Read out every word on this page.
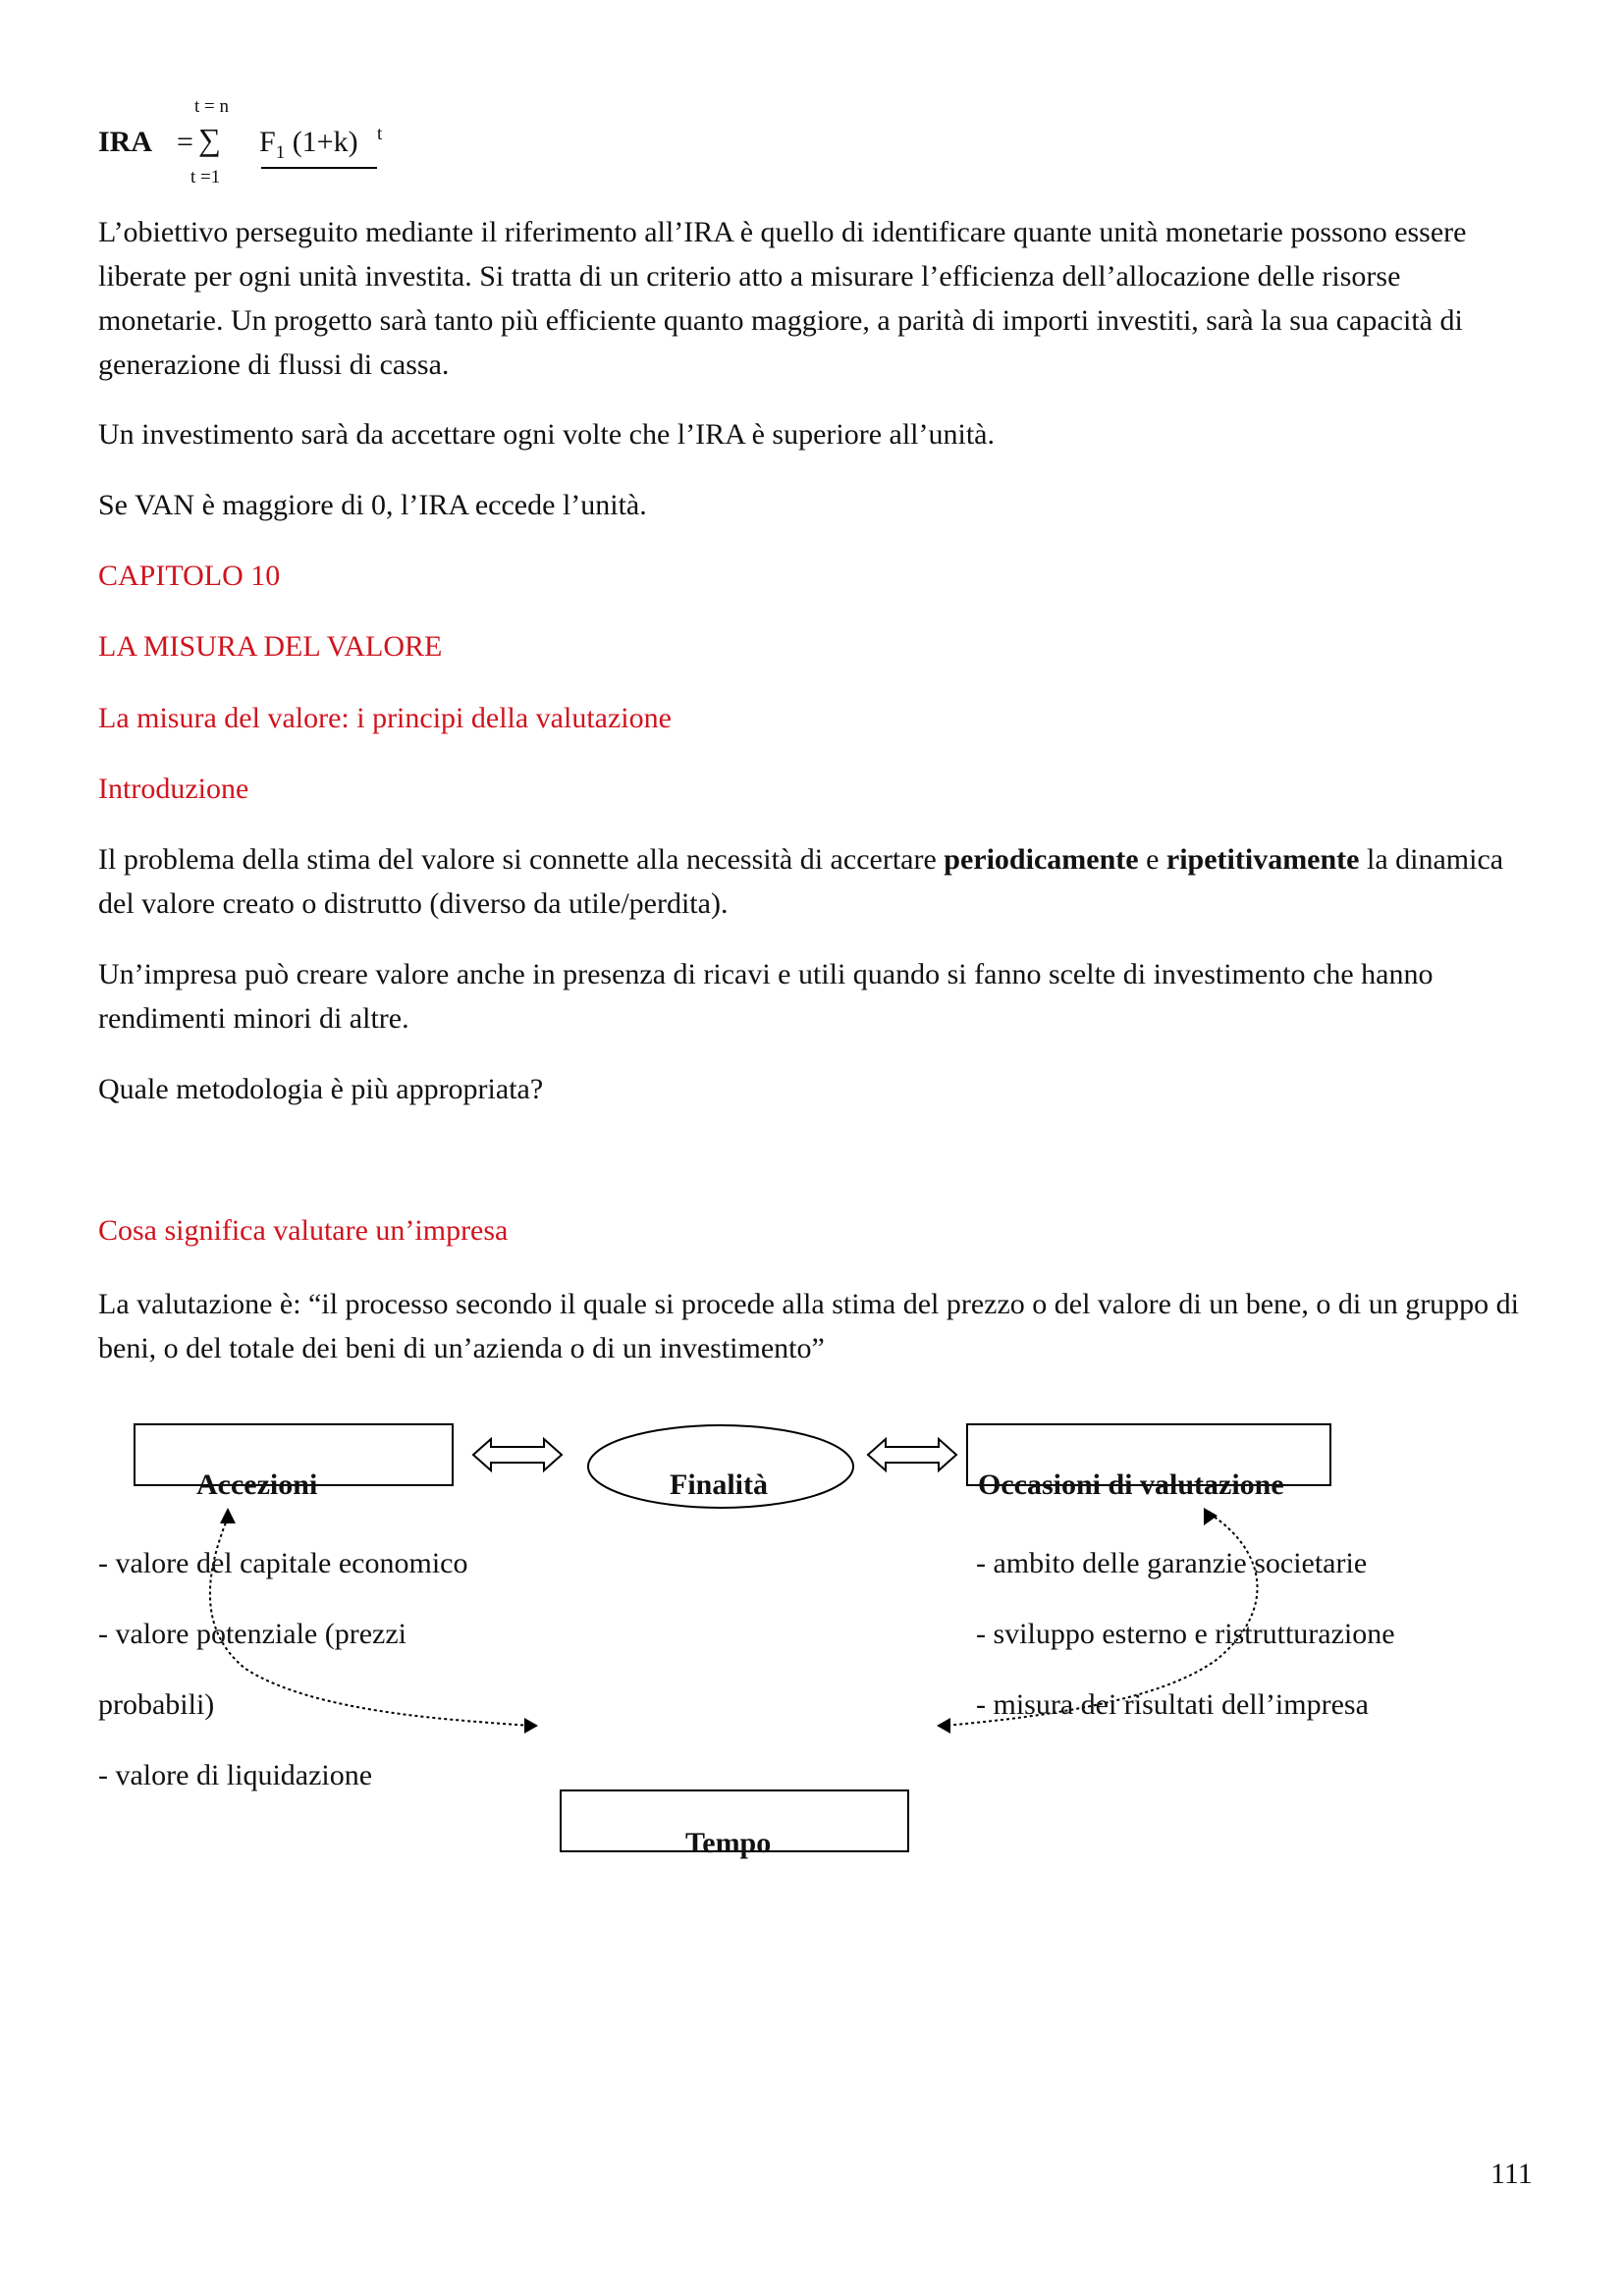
t = n
IRA = ∑
t =1
$F_1$ (1+k) t
L’obiettivo perseguito mediante il riferimento all’IRA è quello di identificare quante unità monetarie possono essere liberate per ogni unità investita. Si tratta di un criterio atto a misurare l’efficienza dell’allocazione delle risorse monetarie. Un progetto sarà tanto più efficiente quanto maggiore, a parità di importi investiti, sarà la sua capacità di generazione di flussi di cassa.
Un investimento sarà da accettare ogni volte che l’IRA è superiore all’unità.
Se VAN è maggiore di 0, l’IRA eccede l’unità.
CAPITOLO 10
LA MISURA DEL VALORE
La misura del valore: i principi della valutazione
Introduzione
Il problema della stima del valore si connette alla necessità di accertare periodicamente e ripetitivamente la dinamica del valore creato o distrutto (diverso da utile/perdita).
Un’impresa può creare valore anche in presenza di ricavi e utili quando si fanno scelte di investimento che hanno rendimenti minori di altre.
Quale metodologia è più appropriata?
Cosa significa valutare un’impresa
La valutazione è: “il processo secondo il quale si procede alla stima del prezzo o del valore di un bene, o di un gruppo di beni, o del totale dei beni di un’azienda o di un investimento”
Accezioni	Finalità	Occasioni di valutazione
Tempo
- valore del capitale economico
- valore potenziale (prezzi
probabili)
- valore di liquidazione
- ambito delle garanzie societarie
- sviluppo esterno e ristrutturazione
- misura dei risultati dell’impresa
111
